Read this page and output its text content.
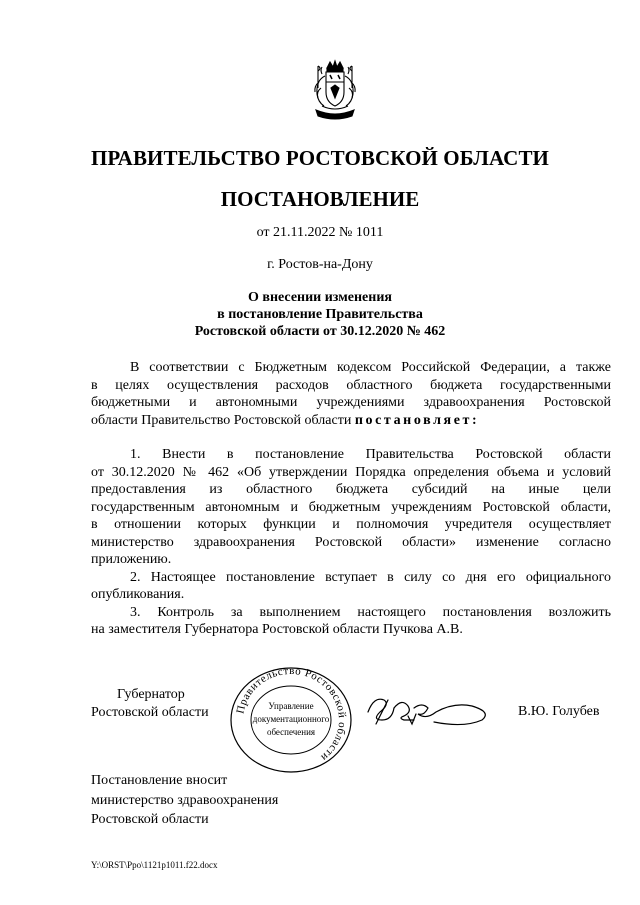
ПРАВИТЕЛЬСТВО РОСТОВСКОЙ ОБЛАСТИ
ПОСТАНОВЛЕНИЕ
от 21.11.2022 № 1011
г. Ростов-на-Дону
О внесении изменения
в постановление Правительства
Ростовской области от 30.12.2020 № 462
В соответствии с Бюджетным кодексом Российской Федерации, а также
в целях осуществления расходов областного бюджета государственными
бюджетными и автономными учреждениями здравоохранения Ростовской
области Правительство Ростовской области постановляет:
1. Внести в постановление Правительства Ростовской области
от 30.12.2020 № 462 «Об утверждении Порядка определения объема и условий
предоставления из областного бюджета субсидий на иные цели
государственным автономным и бюджетным учреждениям Ростовской области,
в отношении которых функции и полномочия учредителя осуществляет
министерство здравоохранения Ростовской области» изменение согласно
приложению.
2. Настоящее постановление вступает в силу со дня его официального
опубликования.
3. Контроль за выполнением настоящего постановления возложить
на заместителя Губернатора Ростовской области Пучкова А.В.
Губернатор
Ростовской области	Правительство Ростовской области
Управление
документационного
обеспечения
В.Ю. Голубев
Постановление вносит
министерство здравоохранения
Ростовской области
Y:\ORST\Ppo\1121p1011.f22.docx
